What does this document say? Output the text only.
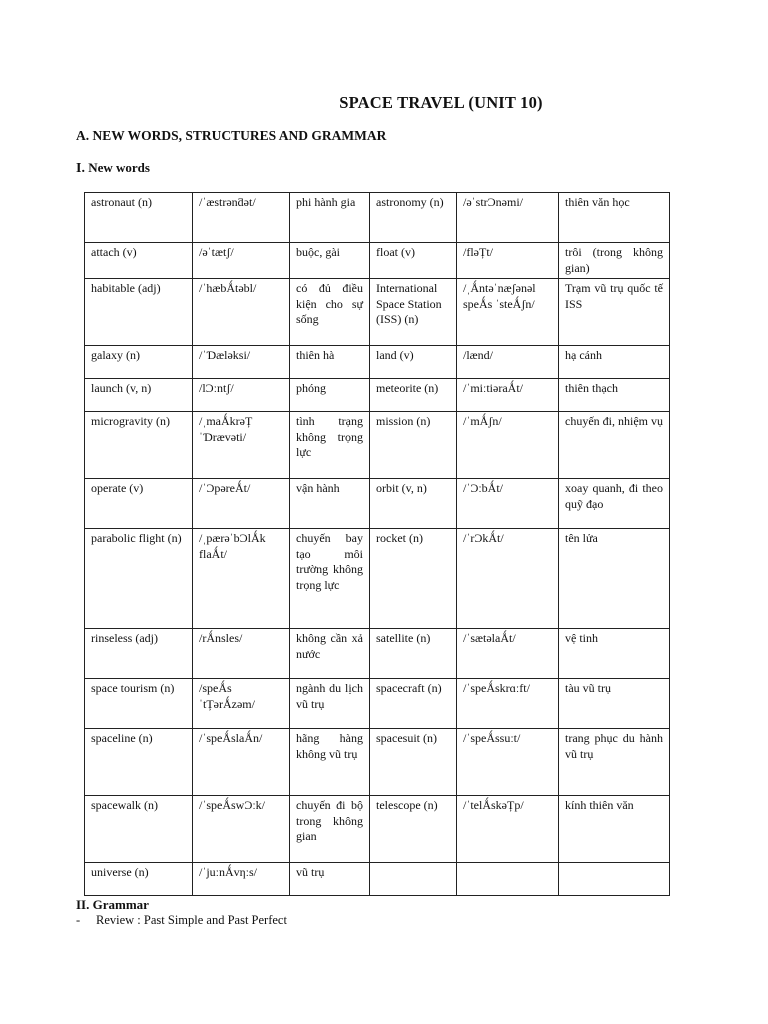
SPACE TRAVEL (UNIT 10)
A. NEW WORDS, STRUCTURES AND GRAMMAR
I. New words
astronaut (n)	/ˈæstrənƌət/	phi hành gia	astronomy (n)	/əˈstrƆnəmi/	thiên văn học
attach (v)	/əˈtætʃ/	buộc, gài	float (v)	/fləȚt/	trôi (trong không gian)
habitable (adj)	/ˈhæbǺtəbl/	có đủ điều kiện cho sự sống	International Space Station (ISS) (n)	/ˌǺntəˈnæʃənəl speǺs ˈsteǺʃn/	Trạm vũ trụ quốc tế ISS
galaxy (n)	/ˈƊæləksi/	thiên hà	land (v)	/lænd/	hạ cánh
launch (v, n)	/lƆːntʃ/	phóng	meteorite (n)	/ˈmiːtiəraǺt/	thiên thạch
microgravity (n)	/ˌmaǺkrəȚ ˈƊrævəti/	tình trạng không trọng lực	mission (n)	/ˈmǺʃn/	chuyến đi, nhiệm vụ
operate (v)	/ˈƆpəreǺt/	vận hành	orbit (v, n)	/ˈƆːbǺt/	xoay quanh, đi theo quỹ đạo
parabolic flight (n)	/ˌpærəˈbƆlǺk flaǺt/	chuyến bay tạo môi trường không trọng lực	rocket (n)	/ˈrƆkǺt/	tên lửa
rinseless (adj)	/rǺnsles/	không cần xả nước	satellite (n)	/ˈsætəlaǺt/	vệ tinh
space tourism (n)	/speǺs ˈtȚərǺzəm/	ngành du lịch vũ trụ	spacecraft (n)	/ˈspeǺskrɑːft/	tàu vũ trụ
spaceline (n)	/ˈspeǺslaǺn/	hãng hàng không vũ trụ	spacesuit (n)	/ˈspeǺssuːt/	trang phục du hành vũ trụ
spacewalk (n)	/ˈspeǺswƆːk/	chuyến đi bộ trong không gian	telescope (n)	/ˈtelǺskəȚp/	kính thiên văn
universe (n)	/ˈjuːnǺvƞːs/	vũ trụ			
II. Grammar
- Review : Past Simple and Past Perfect
